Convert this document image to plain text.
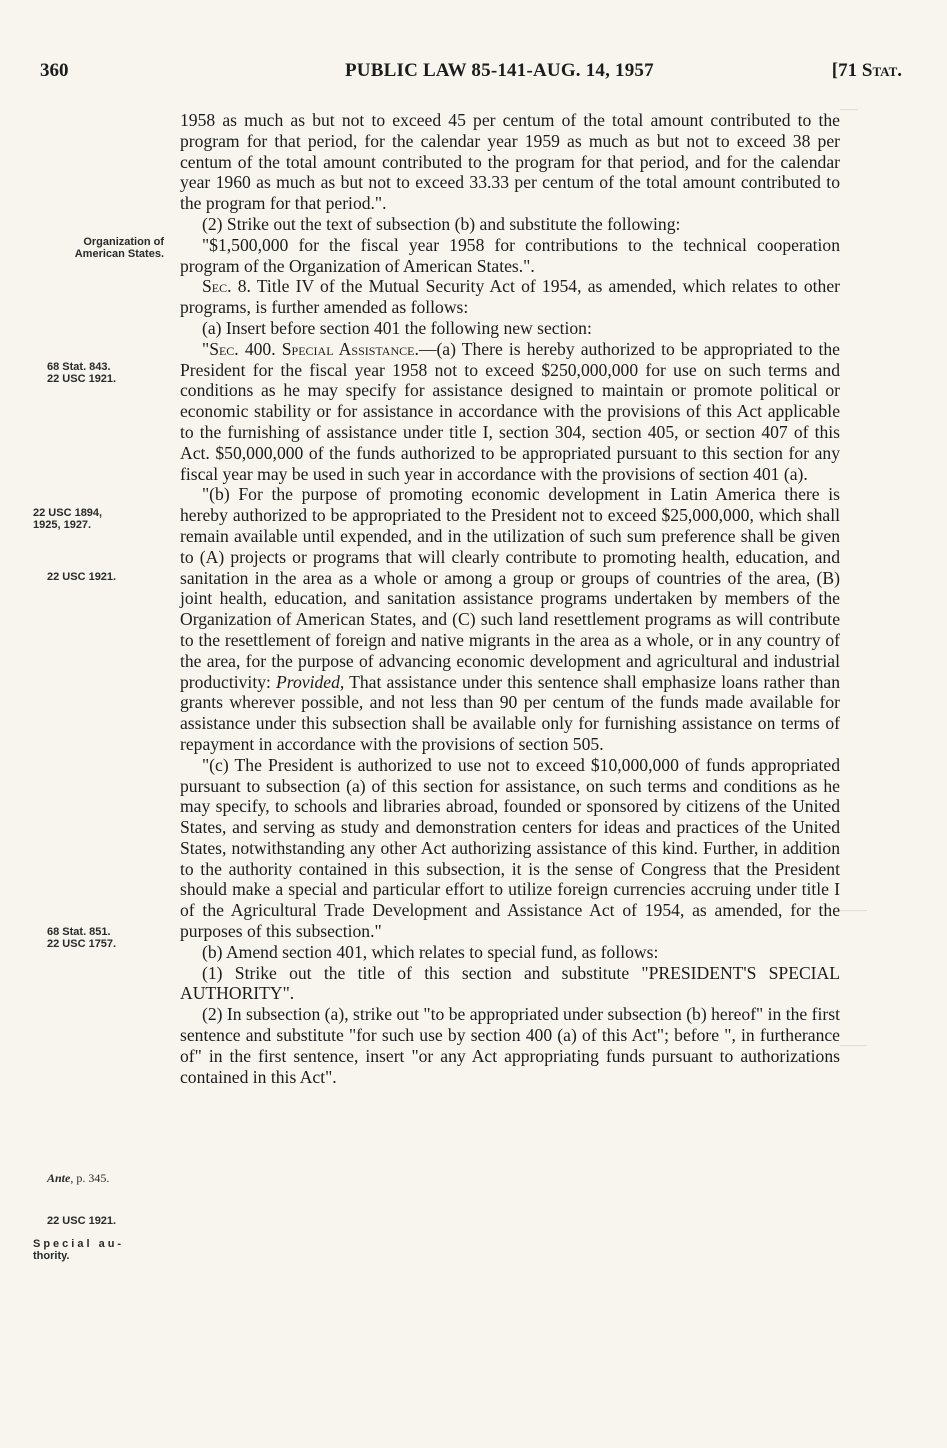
360	PUBLIC LAW 85-141-AUG. 14, 1957	[71 Stat.
——
———
———
Organization of
American States.
68 Stat. 843.
22 USC 1921.
22 USC 1894,
1925, 1927.
22 USC 1921.
68 Stat. 851.
22 USC 1757.
Ante, p. 345.
22 USC 1921.
Special au-
thority.

1958 as much as but not to exceed 45 per centum of the total amount contributed to the program for that period, for the calendar year 1959 as much as but not to exceed 38 per centum of the total amount contributed to the program for that period, and for the calendar year 1960 as much as but not to exceed 33.33 per centum of the total amount contributed to the program for that period.".

(2) Strike out the text of subsection (b) and substitute the following:

"$1,500,000 for the fiscal year 1958 for contributions to the technical cooperation program of the Organization of American States.".

Sec. 8. Title IV of the Mutual Security Act of 1954, as amended, which relates to other programs, is further amended as follows:

(a) Insert before section 401 the following new section:

"Sec. 400. Special Assistance.—(a) There is hereby authorized to be appropriated to the President for the fiscal year 1958 not to exceed $250,000,000 for use on such terms and conditions as he may specify for assistance designed to maintain or promote political or economic stability or for assistance in accordance with the provisions of this Act applicable to the furnishing of assistance under title I, section 304, section 405, or section 407 of this Act. $50,000,000 of the funds authorized to be appropriated pursuant to this section for any fiscal year may be used in such year in accordance with the provisions of section 401 (a).

"(b) For the purpose of promoting economic development in Latin America there is hereby authorized to be appropriated to the President not to exceed $25,000,000, which shall remain available until expended, and in the utilization of such sum preference shall be given to (A) projects or programs that will clearly contribute to promoting health, education, and sanitation in the area as a whole or among a group or groups of countries of the area, (B) joint health, education, and sanitation assistance programs undertaken by members of the Organization of American States, and (C) such land resettlement programs as will contribute to the resettlement of foreign and native migrants in the area as a whole, or in any country of the area, for the purpose of advancing economic development and agricultural and industrial productivity: Provided, That assistance under this sentence shall emphasize loans rather than grants wherever possible, and not less than 90 per centum of the funds made available for assistance under this subsection shall be available only for furnishing assistance on terms of repayment in accordance with the provisions of section 505.

"(c) The President is authorized to use not to exceed $10,000,000 of funds appropriated pursuant to subsection (a) of this section for assistance, on such terms and conditions as he may specify, to schools and libraries abroad, founded or sponsored by citizens of the United States, and serving as study and demonstration centers for ideas and practices of the United States, notwithstanding any other Act authorizing assistance of this kind. Further, in addition to the authority contained in this subsection, it is the sense of Congress that the President should make a special and particular effort to utilize foreign currencies accruing under title I of the Agricultural Trade Development and Assistance Act of 1954, as amended, for the purposes of this subsection."

(b) Amend section 401, which relates to special fund, as follows:

(1) Strike out the title of this section and substitute "PRESIDENT'S SPECIAL AUTHORITY".

(2) In subsection (a), strike out "to be appropriated under subsection (b) hereof" in the first sentence and substitute "for such use by section 400 (a) of this Act"; before ", in furtherance of" in the first sentence, insert "or any Act appropriating funds pursuant to authorizations contained in this Act".
